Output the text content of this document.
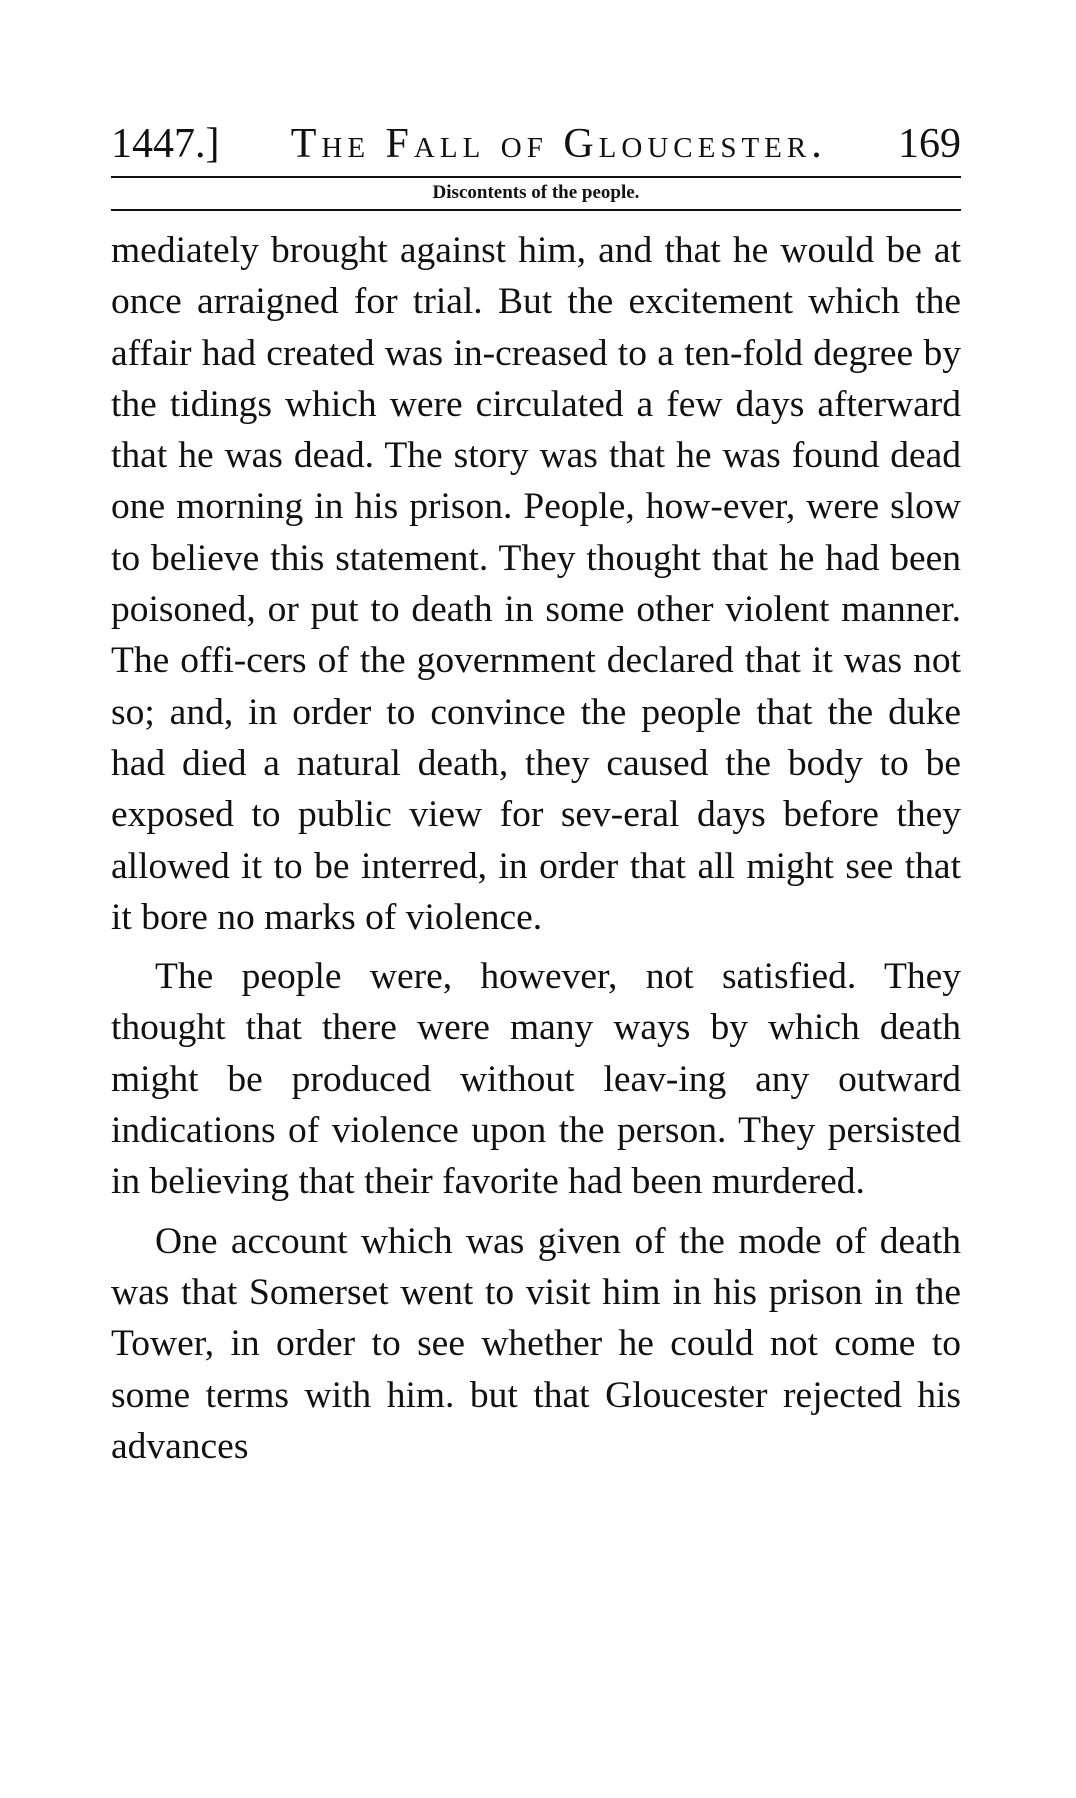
1447.] The Fall of Gloucester. 169
Discontents of the people.

mediately brought against him, and that he would be at once arraigned for trial. But the excitement which the affair had created was in-creased to a ten-fold degree by the tidings which were circulated a few days afterward that he was dead. The story was that he was found dead one morning in his prison. People, how-ever, were slow to believe this statement. They thought that he had been poisoned, or put to death in some other violent manner. The offi-cers of the government declared that it was not so; and, in order to convince the people that the duke had died a natural death, they caused the body to be exposed to public view for sev-eral days before they allowed it to be interred, in order that all might see that it bore no marks of violence.

The people were, however, not satisfied. They thought that there were many ways by which death might be produced without leav-ing any outward indications of violence upon the person. They persisted in believing that their favorite had been murdered.

One account which was given of the mode of death was that Somerset went to visit him in his prison in the Tower, in order to see whether he could not come to some terms with him. but that Gloucester rejected his advances
